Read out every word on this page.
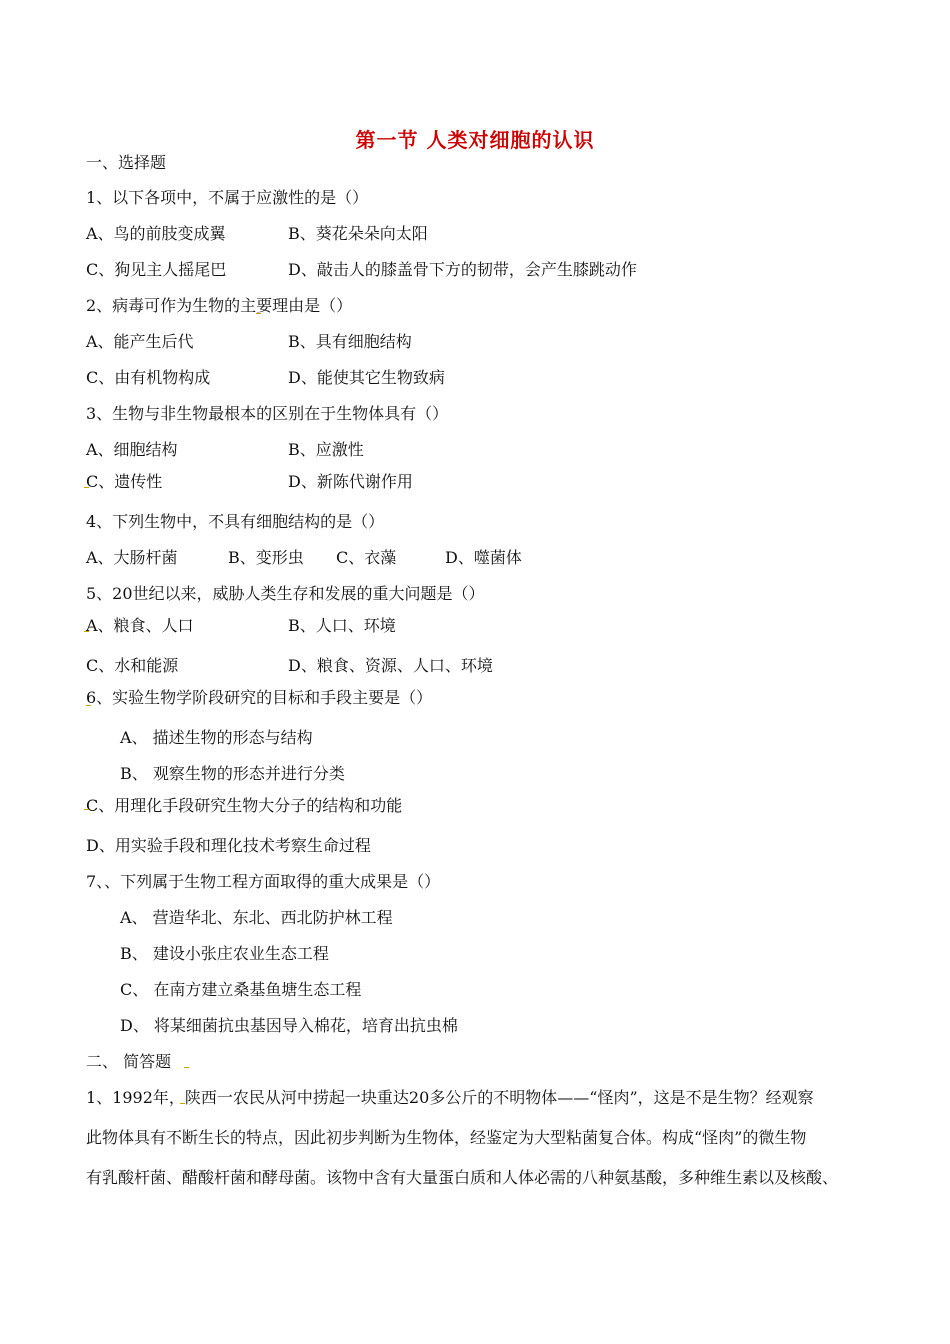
第一节 人类对细胞的认识
一、选择题
1、以下各项中，不属于应激性的是（）
A、鸟的前肢变成翼	B、葵花朵朵向太阳
C、狗见主人摇尾巴	D、敲击人的膝盖骨下方的韧带，会产生膝跳动作
2、病毒可作为生物的主要理由是（）
A、能产生后代	B、具有细胞结构
C、由有机物构成	D、能使其它生物致病
3、生物与非生物最根本的区别在于生物体具有（）
A、细胞结构	B、应激性
C、遗传性	D、新陈代谢作用
4、下列生物中，不具有细胞结构的是（）
A、大肠杆菌	B、变形虫 C、衣藻	D、噬菌体
5、20世纪以来，威胁人类生存和发展的重大问题是（）
A、粮食、人口	B、人口、环境
C、水和能源	D、粮食、资源、人口、环境
6、实验生物学阶段研究的目标和手段主要是（）
A、 描述生物的形态与结构
B、 观察生物的形态并进行分类
C、用理化手段研究生物大分子的结构和功能
D、用实验手段和理化技术考察生命过程
7、、下列属于生物工程方面取得的重大成果是（）
A、 营造华北、东北、西北防护林工程
B、 建设小张庄农业生态工程
C、 在南方建立桑基鱼塘生态工程
D、 将某细菌抗虫基因导入棉花，培育出抗虫棉
二、 简答题
1、1992年，陕西一农民从河中捞起一块重达20多公斤的不明物体——“怪肉”，这是不是生物？经观察
此物体具有不断生长的特点，因此初步判断为生物体，经鉴定为大型粘菌复合体。构成“怪肉”的微生物
有乳酸杆菌、醋酸杆菌和酵母菌。该物中含有大量蛋白质和人体必需的八种氨基酸，多种维生素以及核酸、
